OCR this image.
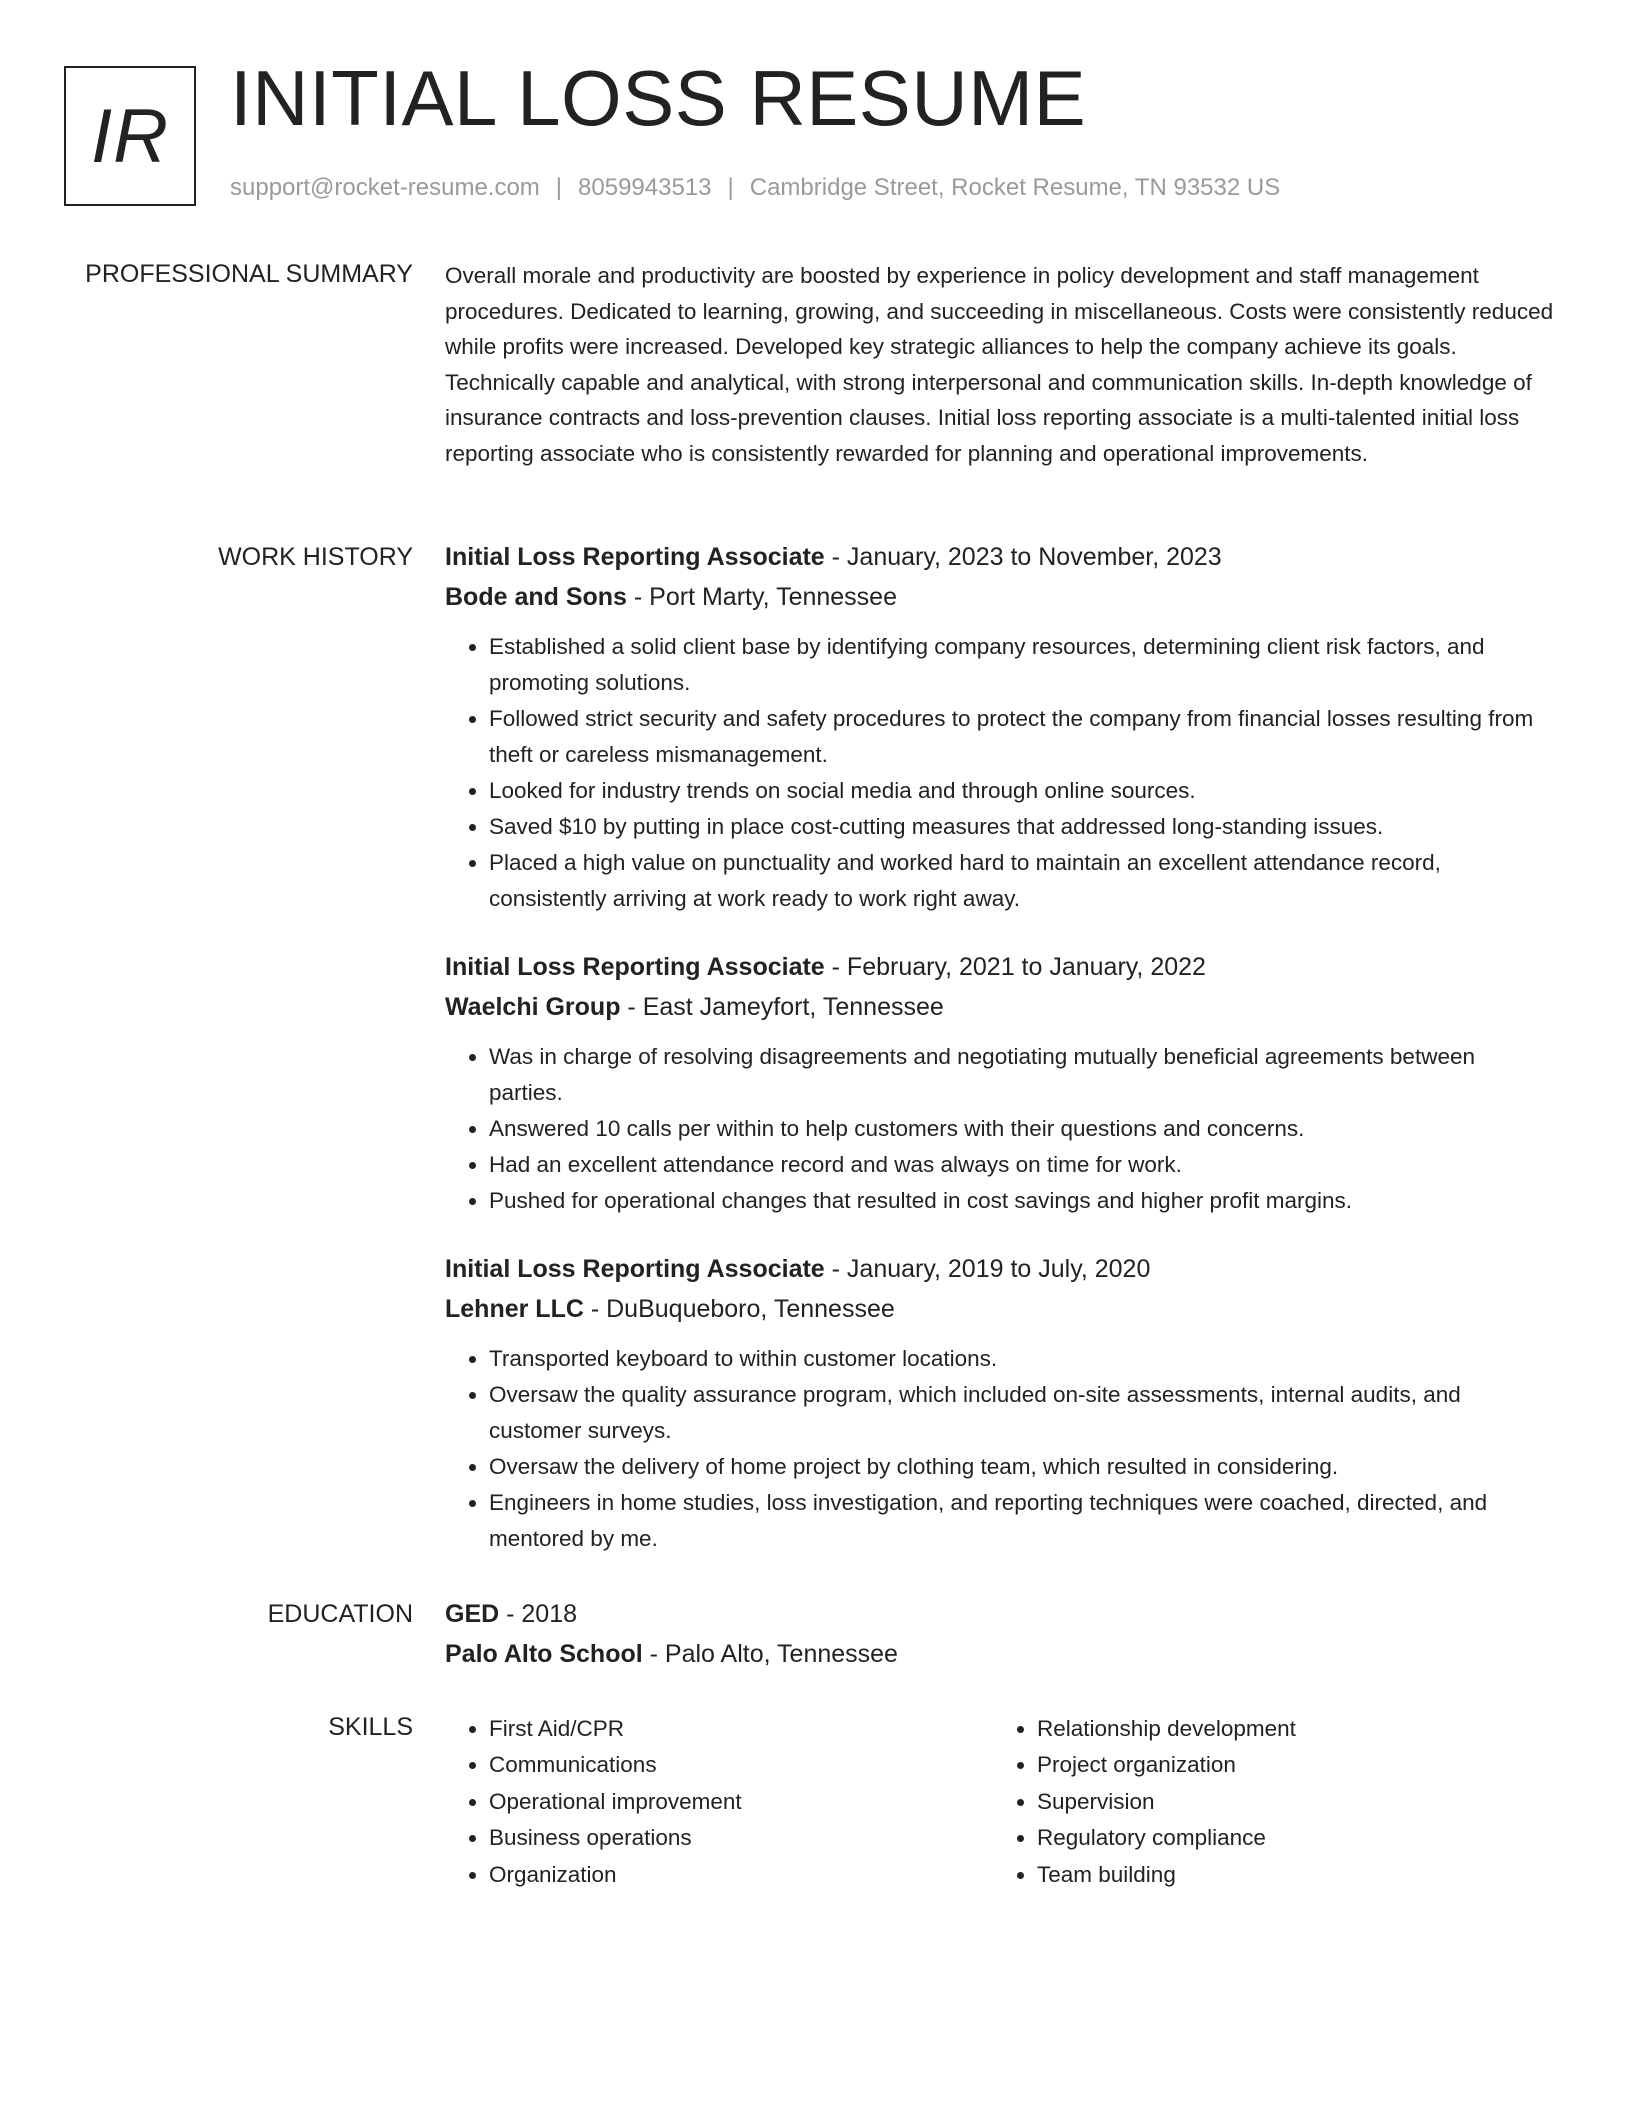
IR INITIAL LOSS RESUME
support@rocket-resume.com | 8059943513 | Cambridge Street, Rocket Resume, TN 93532 US
PROFESSIONAL SUMMARY Overall morale and productivity are boosted by experience in policy development and staff management procedures. Dedicated to learning, growing, and succeeding in miscellaneous. Costs were consistently reduced while profits were increased. Developed key strategic alliances to help the company achieve its goals. Technically capable and analytical, with strong interpersonal and communication skills. In-depth knowledge of insurance contracts and loss-prevention clauses. Initial loss reporting associate is a multi-talented initial loss reporting associate who is consistently rewarded for planning and operational improvements.

WORK HISTORY Initial Loss Reporting Associate - January, 2023 to November, 2023
Bode and Sons - Port Marty, Tennessee
• Established a solid client base by identifying company resources, determining client risk factors, and promoting solutions.
• Followed strict security and safety procedures to protect the company from financial losses resulting from theft or careless mismanagement.
• Looked for industry trends on social media and through online sources.
• Saved $10 by putting in place cost-cutting measures that addressed long-standing issues.
• Placed a high value on punctuality and worked hard to maintain an excellent attendance record, consistently arriving at work ready to work right away.
Initial Loss Reporting Associate - February, 2021 to January, 2022
Waelchi Group - East Jameyfort, Tennessee
• Was in charge of resolving disagreements and negotiating mutually beneficial agreements between parties.
• Answered 10 calls per within to help customers with their questions and concerns.
• Had an excellent attendance record and was always on time for work.
• Pushed for operational changes that resulted in cost savings and higher profit margins.
Initial Loss Reporting Associate - January, 2019 to July, 2020
Lehner LLC - DuBuqueboro, Tennessee
• Transported keyboard to within customer locations.
• Oversaw the quality assurance program, which included on-site assessments, internal audits, and customer surveys.
• Oversaw the delivery of home project by clothing team, which resulted in considering.
• Engineers in home studies, loss investigation, and reporting techniques were coached, directed, and mentored by me.
EDUCATION GED - 2018
Palo Alto School - Palo Alto, Tennessee
SKILLS
•	First Aid/CPR
• Communications
• Operational improvement
• Business operations
• Organization
• Relationship development
• Project organization
• Supervision
• Regulatory compliance
• Team building
